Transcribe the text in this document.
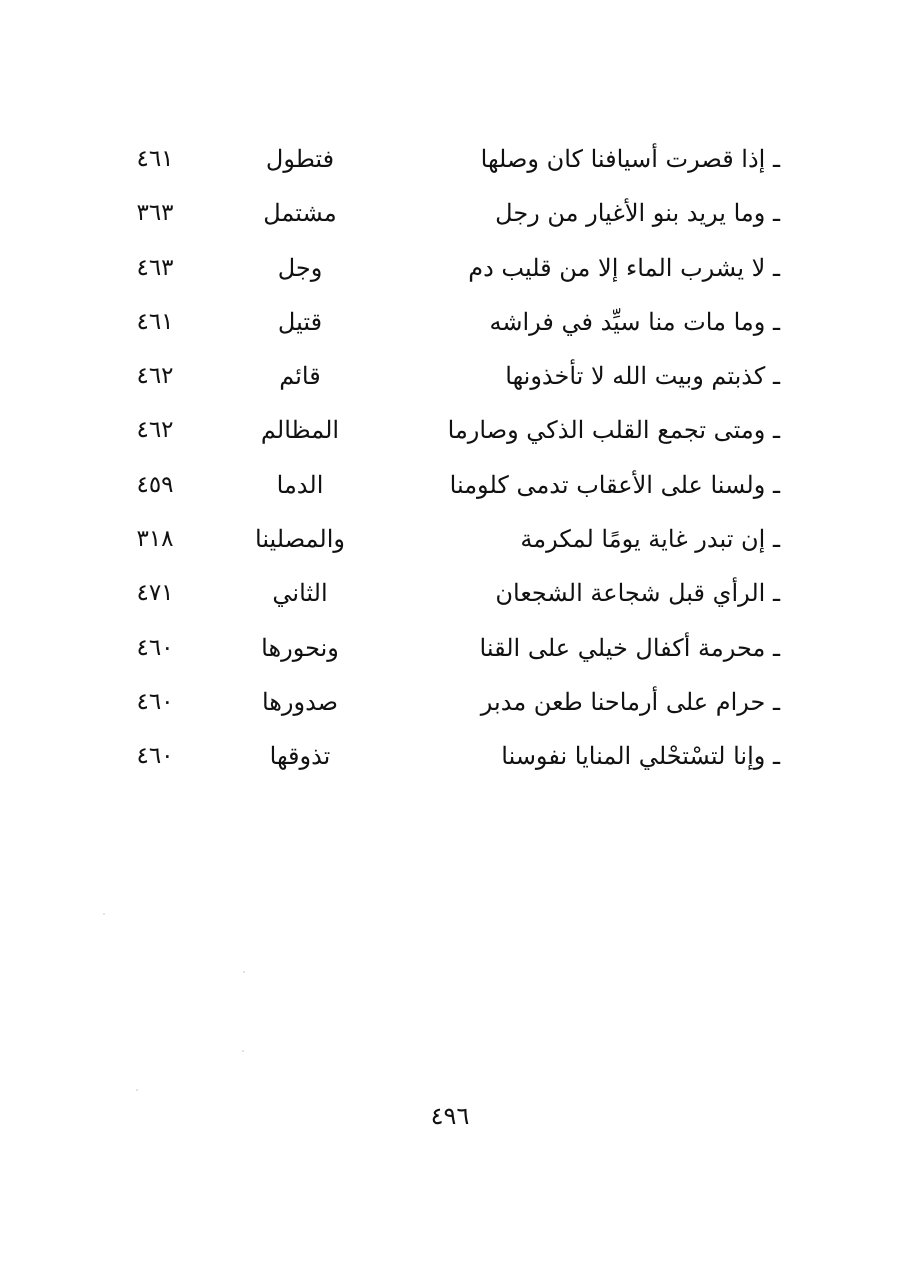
ـ إذا قصرت أسيافنا كان وصلها
فتطول
٤٦١
ـ وما يريد بنو الأغيار من رجل
مشتمل
٣٦٣
ـ لا يشرب الماء إلا من قليب دم
وجل
٤٦٣
ـ وما مات منا سيِّد في فراشه
قتيل
٤٦١
ـ كذبتم وبيت الله لا تأخذونها
قائم
٤٦٢
ـ ومتى تجمع القلب الذكي وصارما
المظالم
٤٦٢
ـ ولسنا على الأعقاب تدمى كلومنا
الدما
٤٥٩
ـ إن تبدر غاية يومًا لمكرمة
والمصلينا
٣١٨
ـ الرأي قبل شجاعة الشجعان
الثاني
٤٧١
ـ محرمة أكفال خيلي على القنا
ونحورها
٤٦٠
ـ حرام على أرماحنا طعن مدبر
صدورها
٤٦٠
ـ وإنا لتسْتحْلي المنايا نفوسنا
تذوقها
٤٦٠
٤٩٦
